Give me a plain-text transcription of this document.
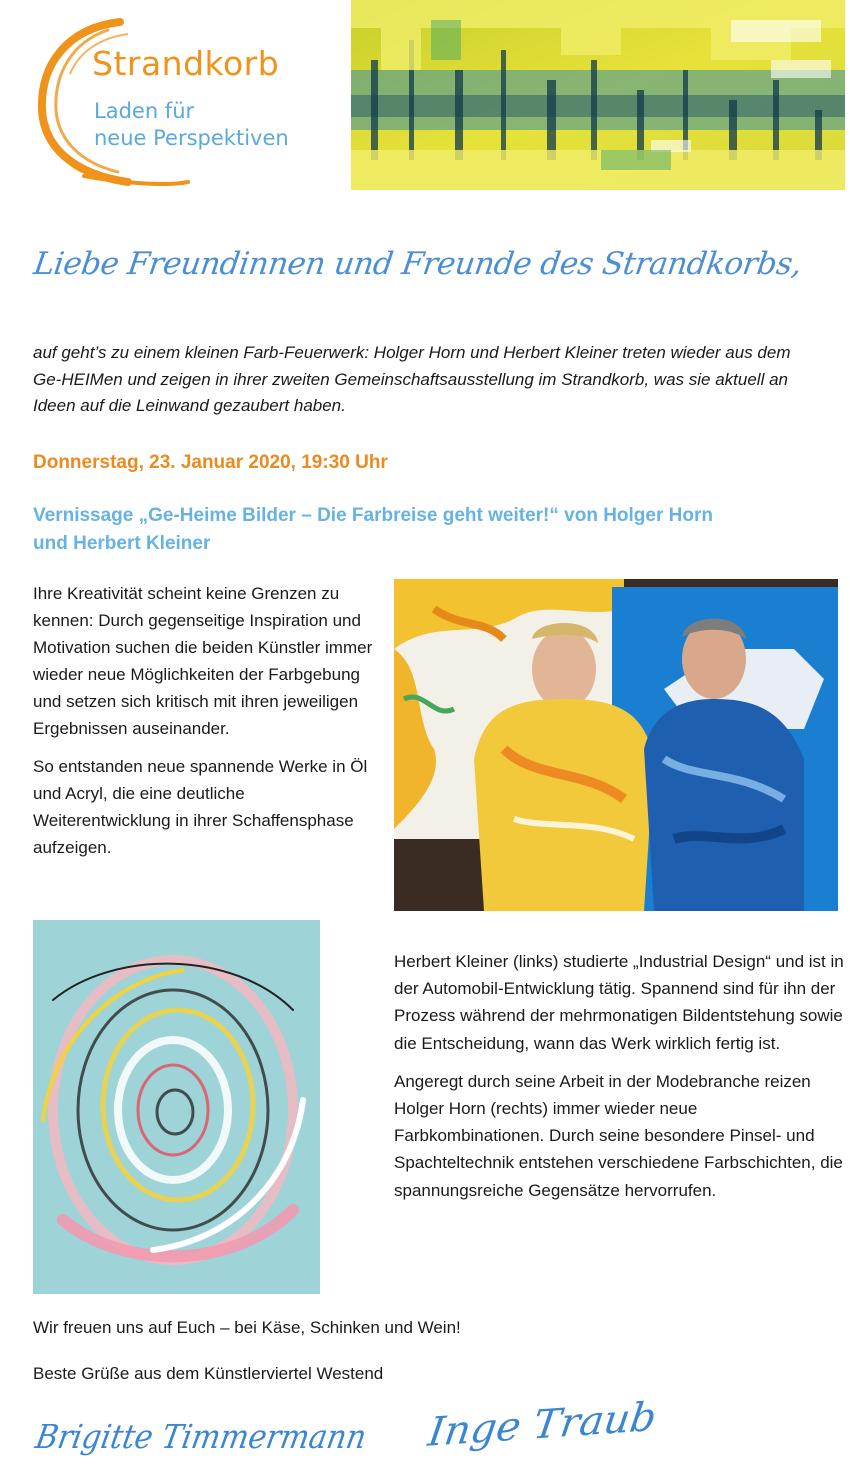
Strandkorb
Laden für
neue Perspektiven
Liebe Freundinnen und Freunde des Strandkorbs,
auf geht’s zu einem kleinen Farb-Feuerwerk: Holger Horn und Herbert Kleiner treten wieder aus dem Ge-HEIMen und zeigen in ihrer zweiten Gemeinschaftsausstellung im Strandkorb, was sie aktuell an Ideen auf die Leinwand gezaubert haben.
Donnerstag, 23. Januar 2020, 19:30 Uhr
Vernissage „Ge-Heime Bilder – Die Farbreise geht weiter!“ von Holger Horn und Herbert Kleiner

Ihre Kreativität scheint keine Grenzen zu kennen: Durch gegenseitige Inspiration und Motivation suchen die beiden Künstler immer wieder neue Möglichkeiten der Farbgebung und setzen sich kritisch mit ihren jeweiligen Ergebnissen auseinander.

So entstanden neue spannende Werke in Öl und Acryl, die eine deutliche Weiterentwicklung in ihrer Schaffensphase aufzeigen.

Herbert Kleiner (links) studierte „Industrial Design“ und ist in der Automobil-Entwicklung tätig. Spannend sind für ihn der Prozess während der mehrmonatigen Bildentstehung sowie die Entscheidung, wann das Werk wirklich fertig ist.

Angeregt durch seine Arbeit in der Modebranche reizen Holger Horn (rechts) immer wieder neue Farbkombinationen. Durch seine besondere Pinsel- und Spachteltechnik entstehen verschiedene Farbschichten, die spannungsreiche Gegensätze hervorrufen.

Wir freuen uns auf Euch – bei Käse, Schinken und Wein!
Beste Grüße aus dem Künstlerviertel Westend
Brigitte Timmermann Inge Traub
